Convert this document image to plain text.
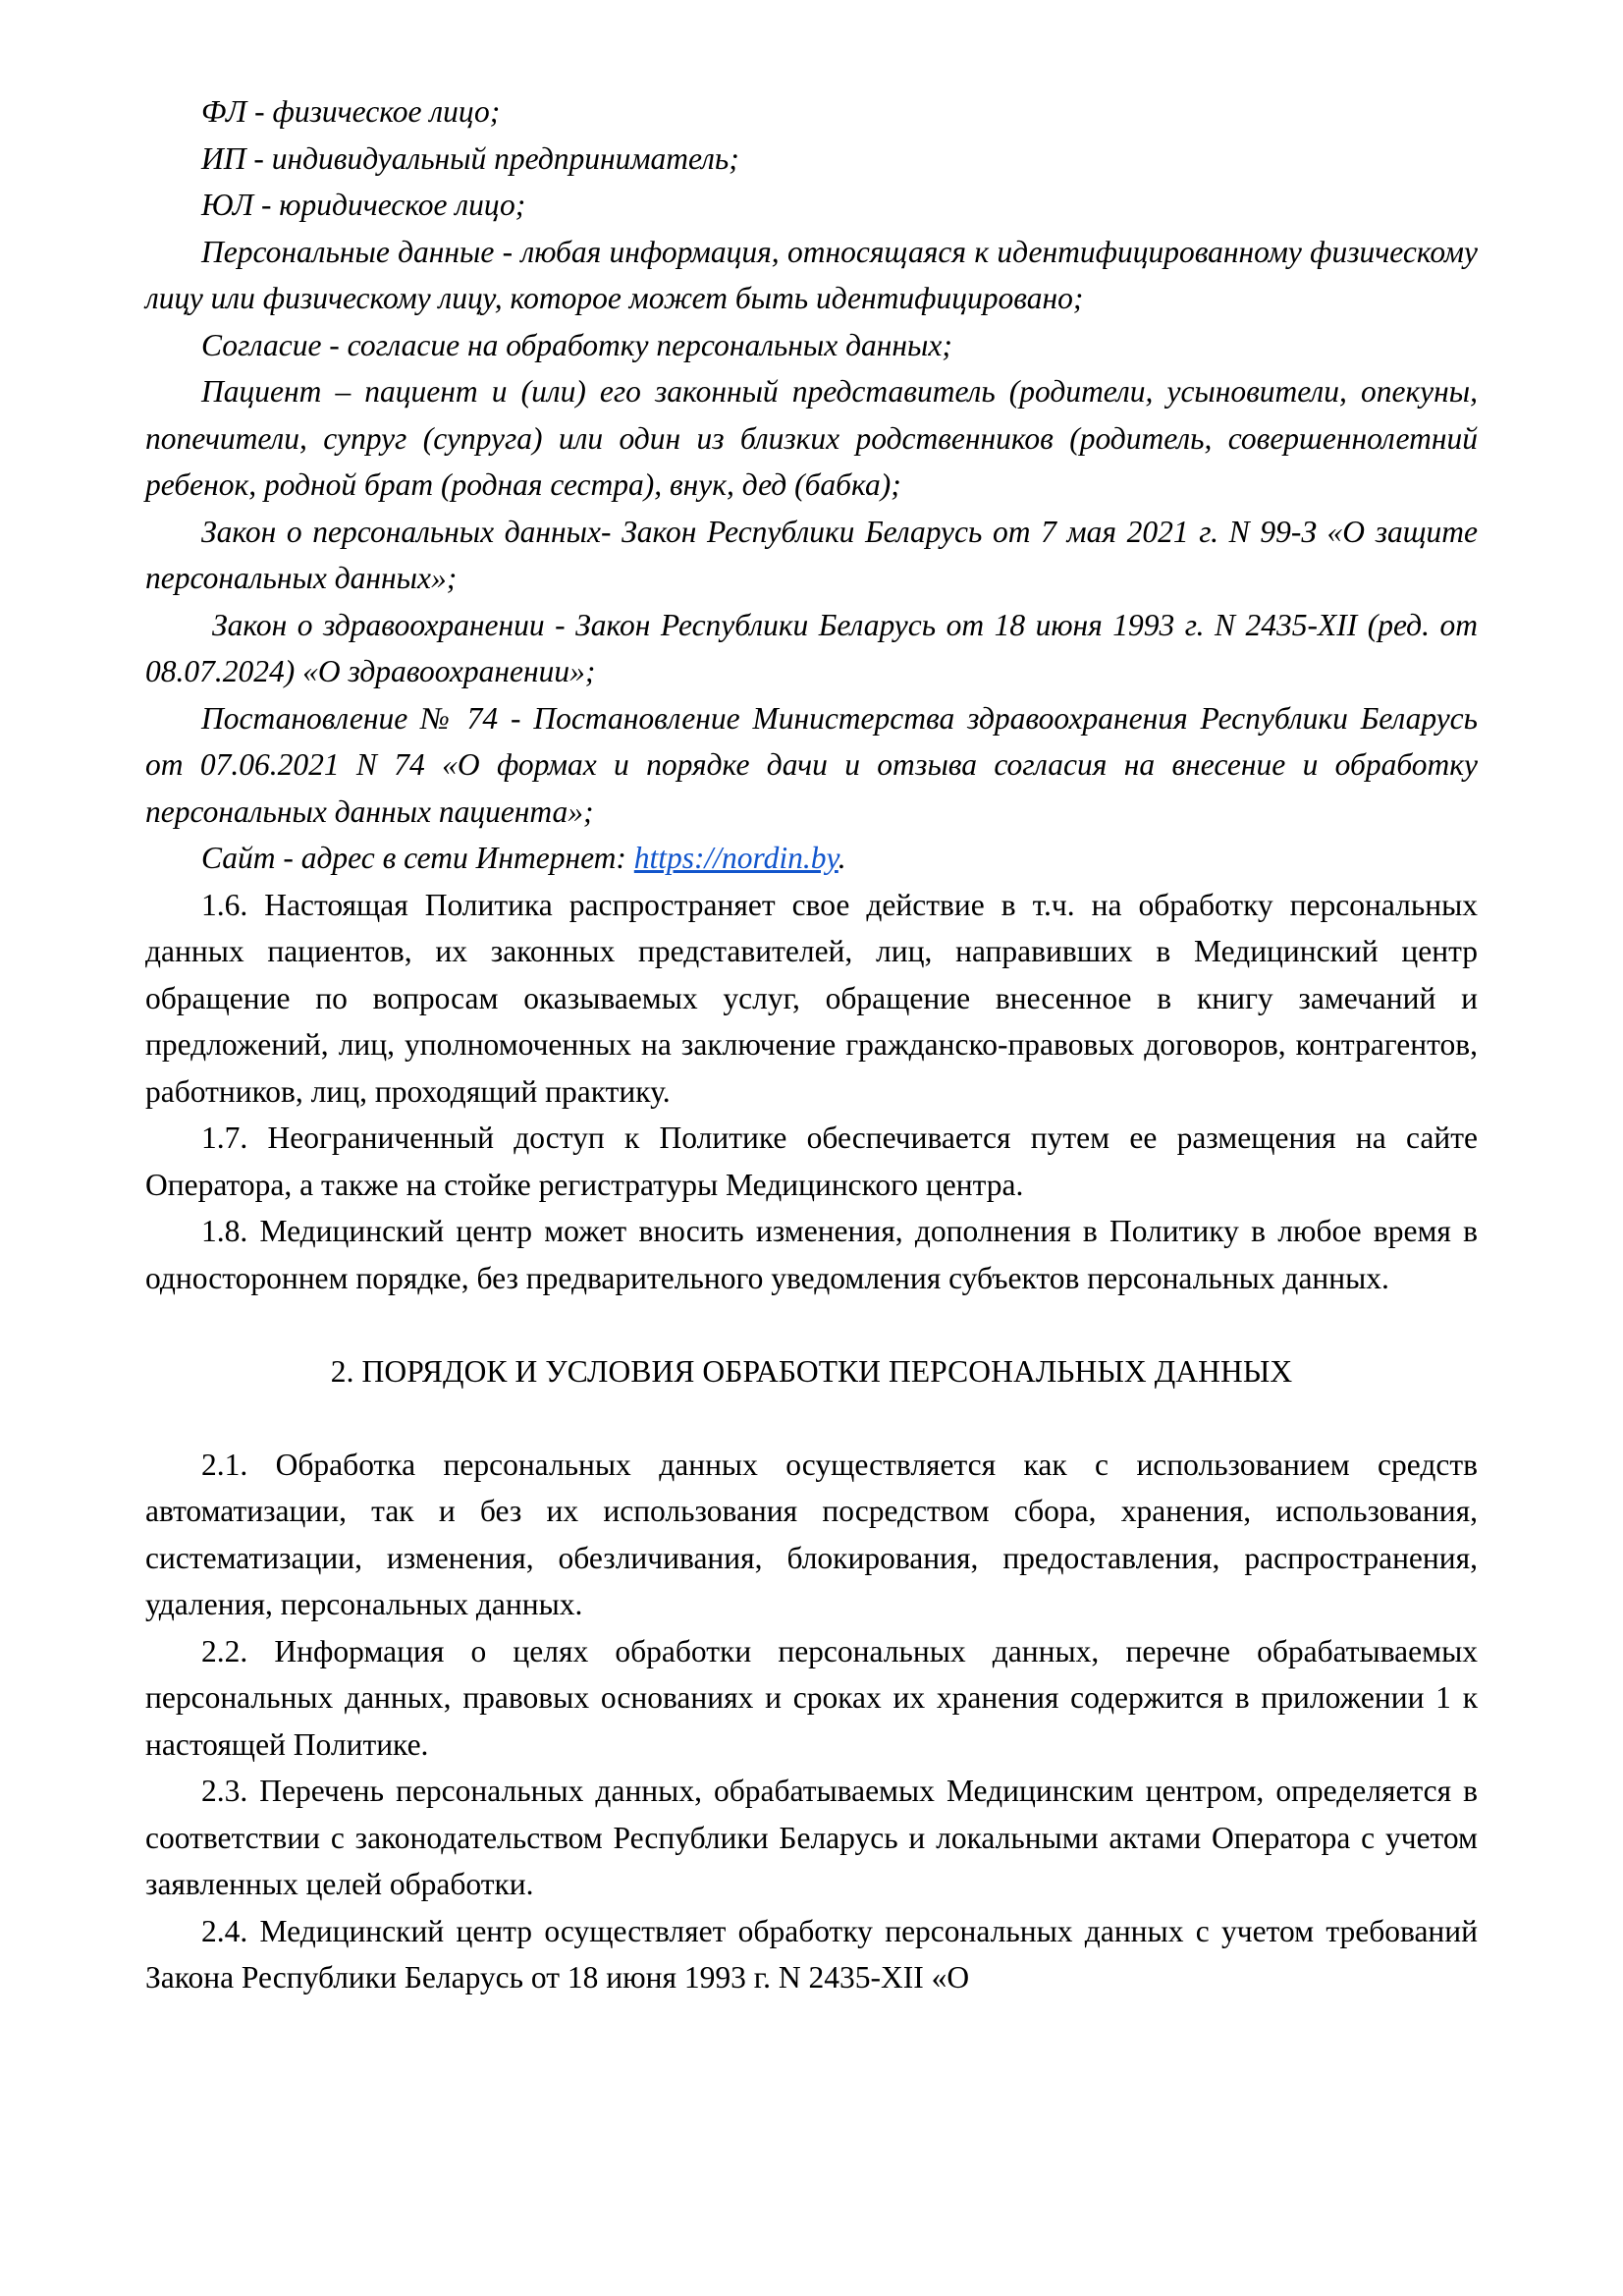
ФЛ - физическое лицо;

ИП - индивидуальный предприниматель;

ЮЛ - юридическое лицо;

Персональные данные - любая информация, относящаяся к идентифицированному физическому лицу или физическому лицу, которое может быть идентифицировано;

Согласие - согласие на обработку персональных данных;

Пациент – пациент и (или) его законный представитель (родители, усыновители, опекуны, попечители, супруг (супруга) или один из близких родственников (родитель, совершеннолетний ребенок, родной брат (родная сестра), внук, дед (бабка);

Закон о персональных данных- Закон Республики Беларусь от 7 мая 2021 г. N 99-З «О защите персональных данных»;

Закон о здравоохранении - Закон Республики Беларусь от 18 июня 1993 г. N 2435-XII (ред. от 08.07.2024) «О здравоохранении»;

Постановление № 74 - Постановление Министерства здравоохранения Республики Беларусь от 07.06.2021 N 74 «О формах и порядке дачи и отзыва согласия на внесение и обработку персональных данных пациента»;

Сайт - адрес в сети Интернет: https://nordin.by.

1.6. Настоящая Политика распространяет свое действие в т.ч. на обработку персональных данных пациентов, их законных представителей, лиц, направивших в Медицинский центр обращение по вопросам оказываемых услуг, обращение внесенное в книгу замечаний и предложений, лиц, уполномоченных на заключение гражданско-правовых договоров, контрагентов, работников, лиц, проходящий практику.

1.7. Неограниченный доступ к Политике обеспечивается путем ее размещения на сайте Оператора, а также на стойке регистратуры Медицинского центра.

1.8. Медицинский центр может вносить изменения, дополнения в Политику в любое время в одностороннем порядке, без предварительного уведомления субъектов персональных данных.

2. ПОРЯДОК И УСЛОВИЯ ОБРАБОТКИ ПЕРСОНАЛЬНЫХ ДАННЫХ

2.1. Обработка персональных данных осуществляется как с использованием средств автоматизации, так и без их использования посредством сбора, хранения, использования, систематизации, изменения, обезличивания, блокирования, предоставления, распространения, удаления, персональных данных.

2.2. Информация о целях обработки персональных данных, перечне обрабатываемых персональных данных, правовых основаниях и сроках их хранения содержится в приложении 1 к настоящей Политике.

2.3. Перечень персональных данных, обрабатываемых Медицинским центром, определяется в соответствии с законодательством Республики Беларусь и локальными актами Оператора с учетом заявленных целей обработки.

2.4. Медицинский центр осуществляет обработку персональных данных с учетом требований Закона Республики Беларусь от 18 июня 1993 г. N 2435-XII «О
